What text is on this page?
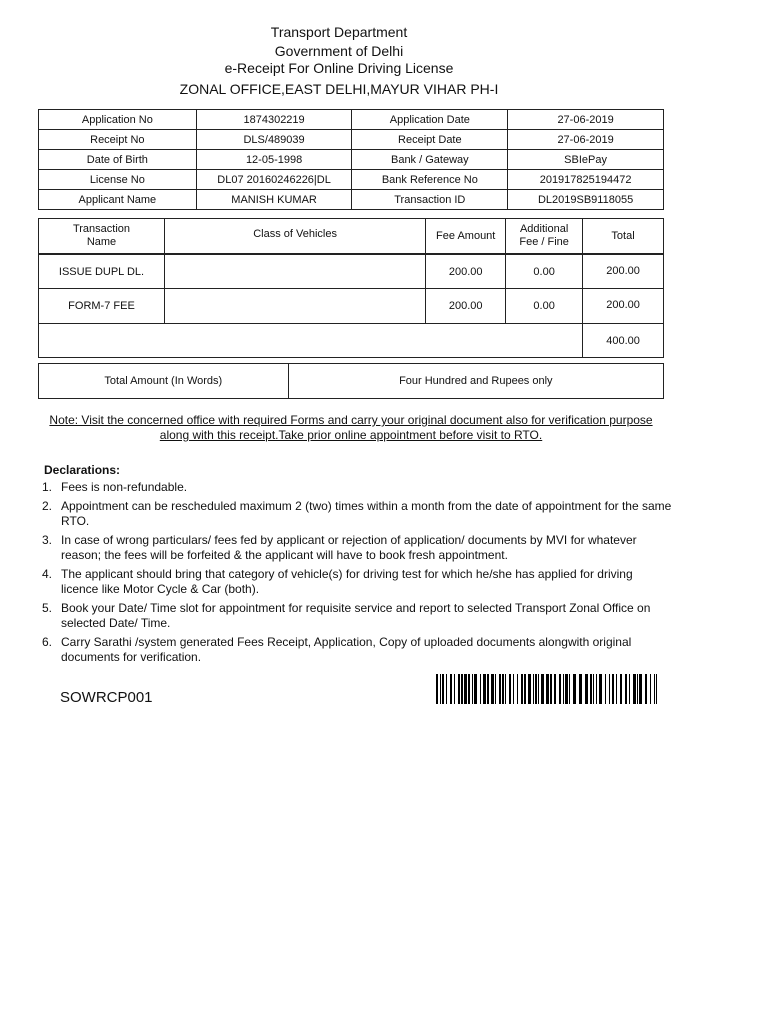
Transport Department
Government of Delhi
e-Receipt For Online Driving License
ZONAL OFFICE,EAST DELHI,MAYUR VIHAR PH-I
Application No	1874302219	Application Date	27-06-2019
Receipt No	DLS/489039	Receipt Date	27-06-2019
Date of Birth	12-05-1998	Bank / Gateway	SBIePay
License No	DL07 20160246226|DL	Bank Reference No	201917825194472
Applicant Name	MANISH KUMAR	Transaction ID	DL2019SB9118055
Transaction Name	Class of Vehicles	Fee Amount	Additional Fee / Fine	Total

ISSUE DUPL DL.		200.00	0.00	200.00
FORM-7 FEE		200.00	0.00	200.00
				400.00
Total Amount (In Words)	Four Hundred and Rupees only
Note: Visit the concerned office with required Forms and carry your original document also for verification purpose
along with this receipt.Take prior online appointment before visit to RTO.
Declarations:
1. Fees is non-refundable.
2. Appointment can be rescheduled maximum 2 (two) times within a month from the date of appointment for the same RTO.
3. In case of wrong particulars/ fees fed by applicant or rejection of application/ documents by MVI for whatever reason; the fees will be forfeited & the applicant will have to book fresh appointment.
4. The applicant should bring that category of vehicle(s) for driving test for which he/she has applied for driving licence like Motor Cycle & Car (both).
5. Book your Date/ Time slot for appointment for requisite service and report to selected Transport Zonal Office on selected Date/ Time.
6. Carry Sarathi /system generated Fees Receipt, Application, Copy of uploaded documents alongwith original documents for verification.
SOWRCP001
